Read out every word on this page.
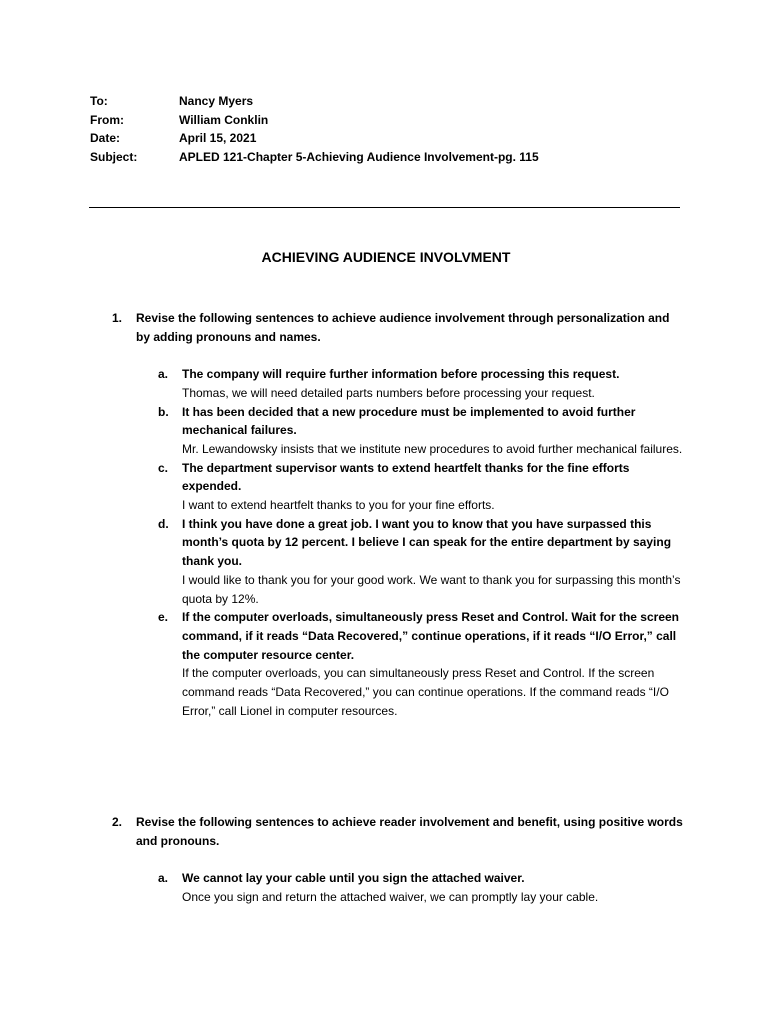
To:	Nancy Myers
From:	William Conklin
Date:	April 15, 2021
Subject:	APLED 121-Chapter 5-Achieving Audience Involvement-pg. 115
ACHIEVING AUDIENCE INVOLVMENT
1. Revise the following sentences to achieve audience involvement through personalization and by adding pronouns and names.
a. The company will require further information before processing this request.
Thomas, we will need detailed parts numbers before processing your request.
b. It has been decided that a new procedure must be implemented to avoid further mechanical failures.
Mr. Lewandowsky insists that we institute new procedures to avoid further mechanical failures.
c. The department supervisor wants to extend heartfelt thanks for the fine efforts expended.
I want to extend heartfelt thanks to you for your fine efforts.
d. I think you have done a great job. I want you to know that you have surpassed this month’s quota by 12 percent. I believe I can speak for the entire department by saying thank you.
I would like to thank you for your good work. We want to thank you for surpassing this month’s quota by 12%.
e. If the computer overloads, simultaneously press Reset and Control. Wait for the screen command, if it reads “Data Recovered,” continue operations, if it reads “I/O Error,” call the computer resource center.
If the computer overloads, you can simultaneously press Reset and Control. If the screen command reads “Data Recovered,” you can continue operations. If the command reads “I/O Error,” call Lionel in computer resources.
2. Revise the following sentences to achieve reader involvement and benefit, using positive words and pronouns.
a. We cannot lay your cable until you sign the attached waiver.
Once you sign and return the attached waiver, we can promptly lay your cable.
